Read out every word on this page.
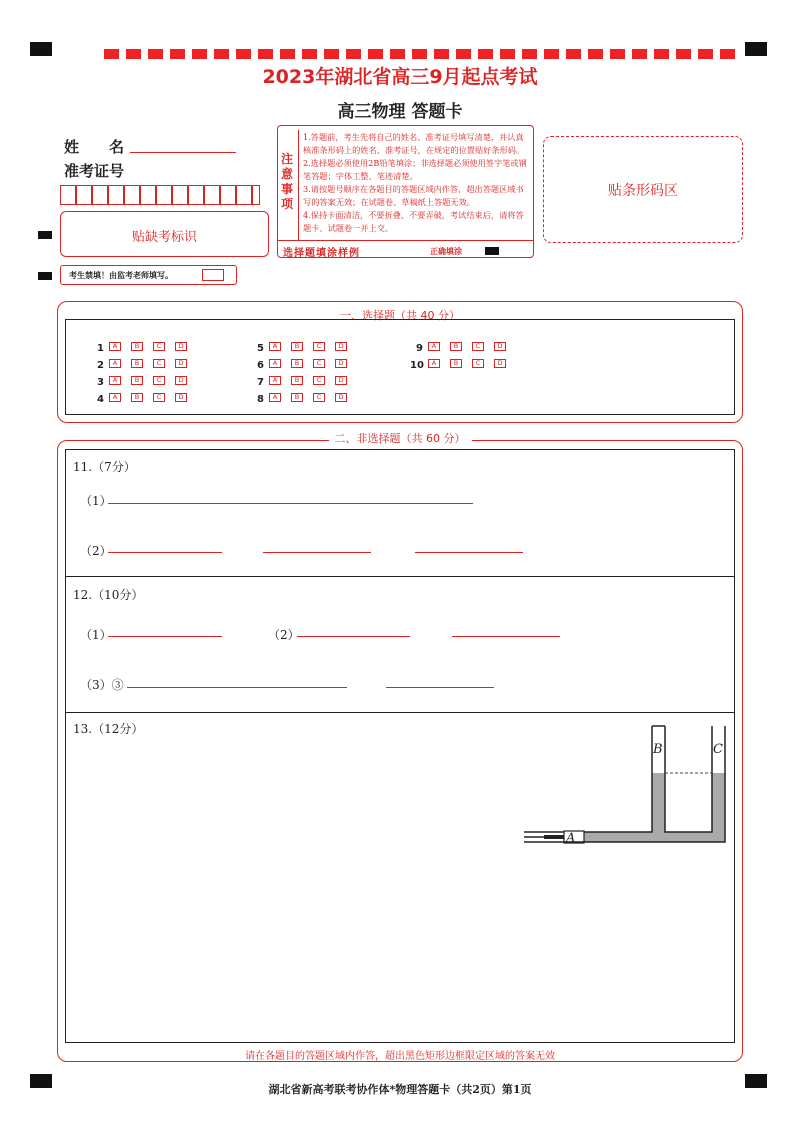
2023年湖北省高三9月起点考试
高三物理 答题卡
姓　　名
准考证号
贴缺考标识
考生禁填！由监考老师填写。
注意事项
1.答题前，考生先将自己的姓名、准考证号填写清楚，并认真核准条形码上的姓名、准考证号，在规定的位置贴好条形码。
2.选择题必须使用2B铅笔填涂；非选择题必须使用签字笔或钢笔答题；字体工整、笔迹清楚。
3.请按题号顺序在各题目的答题区域内作答，超出答题区域书写的答案无效；在试题卷、草稿纸上答题无效。
4.保持卡面清洁，不要折叠、不要弄破，考试结束后，请将答题卡、试题卷一并上交。
选择题填涂样例	正确填涂
贴条形码区
一、选择题（共 40 分）
1 A	B	C	D
2 A	B	C	D
3 A	B	C	D
4 A	B	C	D
5 A	B	C	D
6 A	B	C	D
7 A	B	C	D
8 A	B	C	D
9 A	B	C	D
10 A	B	C	D
二、非选择题（共 60 分）
11.（7分）
（1）
（2）
12.（10分）
（1）	（2）
（3）③
13.（12分）
A
B	C
请在各题目的答题区域内作答，超出黑色矩形边框限定区域的答案无效
湖北省新高考联考协作体*物理答题卡（共2页）第1页
